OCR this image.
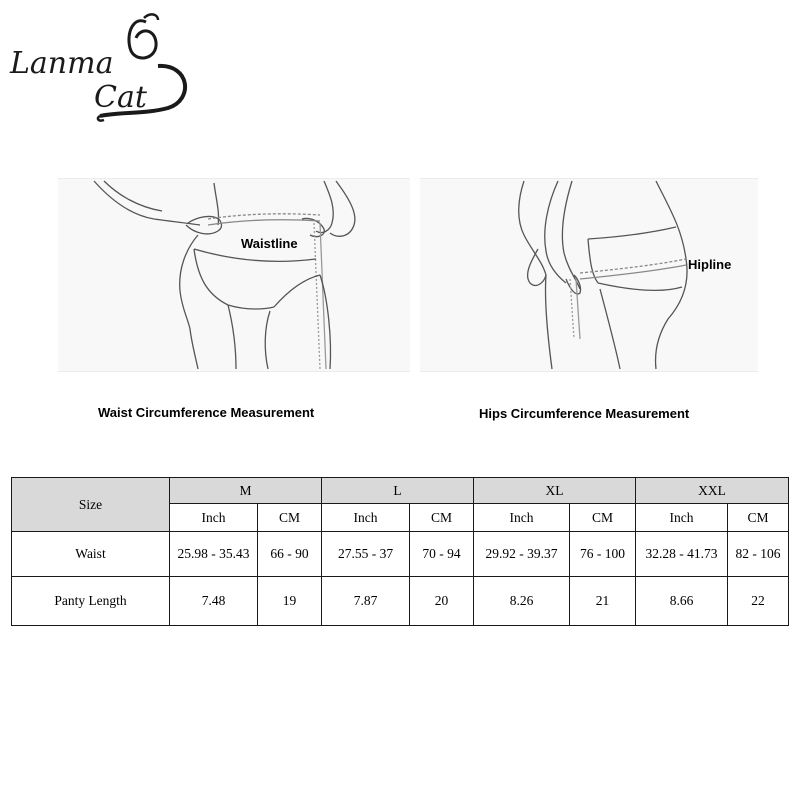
Lanma
Cat
Waistline
Waist Circumference Measurement
Hipline
Hips Circumference Measurement
Size	M		L		XL		XXL	
	Inch	CM	Inch	CM	Inch	CM	Inch	CM
Waist	25.98 - 35.43	66 - 90	27.55 - 37	70 - 94	29.92 - 39.37	76 - 100	32.28 - 41.73	82 - 106
Panty Length	7.48	19	7.87	20	8.26	21	8.66	22
